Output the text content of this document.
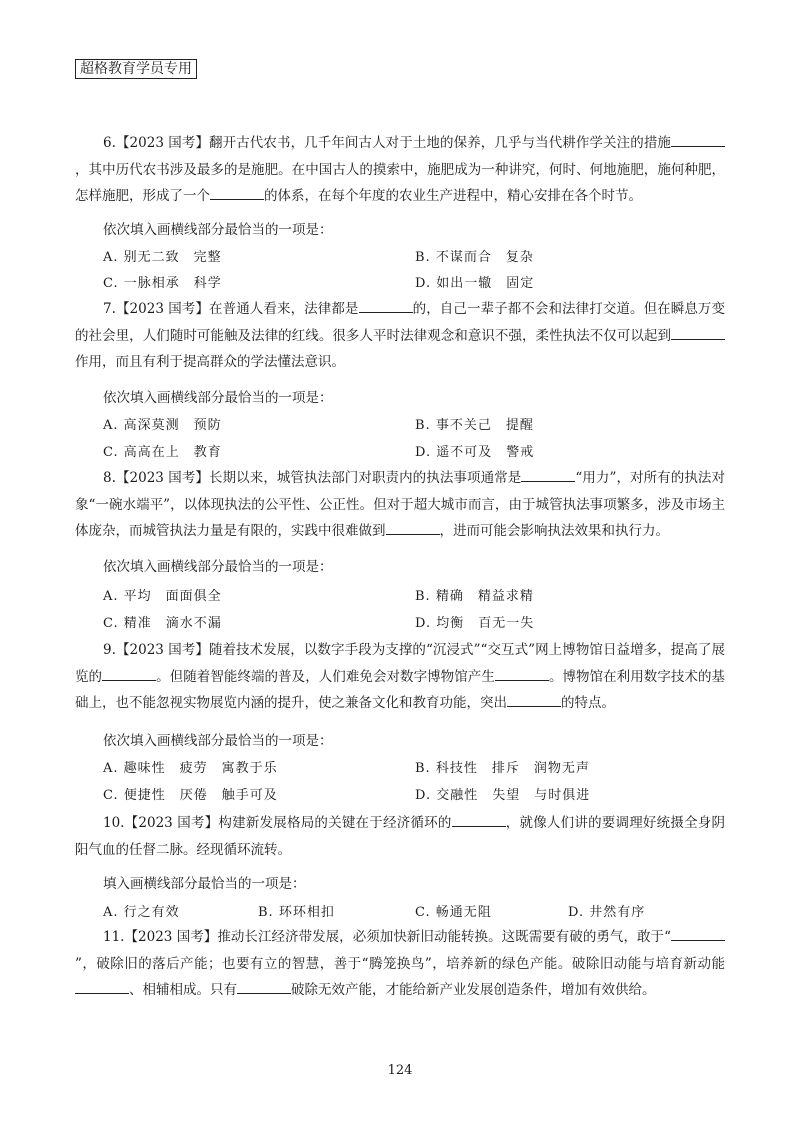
超格教育学员专用

6.【2023 国考】翻开古代农书，几千年间古人对于土地的保养，几乎与当代耕作学关注的措施，其中历代农书涉及最多的是施肥。在中国古人的摸索中，施肥成为一种讲究，何时、何地施肥，施何种肥，怎样施肥，形成了一个	的体系，在每个年度的农业生产进程中，精心安排在各个时节。

依次填入画横线部分最恰当的一项是：
A. 别无二致　完整	B. 不谋而合　复杂
C. 一脉相承　科学	D. 如出一辙　固定

7.【2023 国考】在普通人看来，法律都是	的，自己一辈子都不会和法律打交道。但在瞬息万变的社会里，人们随时可能触及法律的红线。很多人平时法律观念和意识不强，柔性执法不仅可以起到作用，而且有利于提高群众的学法懂法意识。

依次填入画横线部分最恰当的一项是：
A. 高深莫测　预防	B. 事不关己　提醒
C. 高高在上　教育	D. 遥不可及　警戒

8.【2023 国考】长期以来，城管执法部门对职责内的执法事项通常是	“用力”，对所有的执法对象“一碗水端平”，以体现执法的公平性、公正性。但对于超大城市而言，由于城管执法事项繁多，涉及市场主体庞杂，而城管执法力量是有限的，实践中很难做到	，进而可能会影响执法效果和执行力。

依次填入画横线部分最恰当的一项是：
A. 平均　面面俱全	B. 精确　精益求精
C. 精准　滴水不漏	D. 均衡　百无一失

9.【2023 国考】随着技术发展，以数字手段为支撑的“沉浸式”“交互式”网上博物馆日益增多，提高了展览的	。但随着智能终端的普及，人们难免会对数字博物馆产生	。博物馆在利用数字技术的基础上，也不能忽视实物展览内涵的提升，使之兼备文化和教育功能，突出	的特点。

依次填入画横线部分最恰当的一项是：
A. 趣味性　疲劳　寓教于乐	B. 科技性　排斥　润物无声
C. 便捷性　厌倦　触手可及	D. 交融性　失望　与时俱进

10.【2023 国考】构建新发展格局的关键在于经济循环的	，就像人们讲的要调理好统摄全身阴阳气血的任督二脉。经现循环流转。

填入画横线部分最恰当的一项是：
A. 行之有效	B. 环环相扣	C. 畅通无阻	D. 井然有序

11.【2023 国考】推动长江经济带发展，必须加快新旧动能转换。这既需要有破的勇气，敢于“”，破除旧的落后产能；也要有立的智慧，善于“腾笼换鸟”，培养新的绿色产能。破除旧动能与培育新动能、相辅相成。只有	破除无效产能，才能给新产业发展创造条件，增加有效供给。

124
